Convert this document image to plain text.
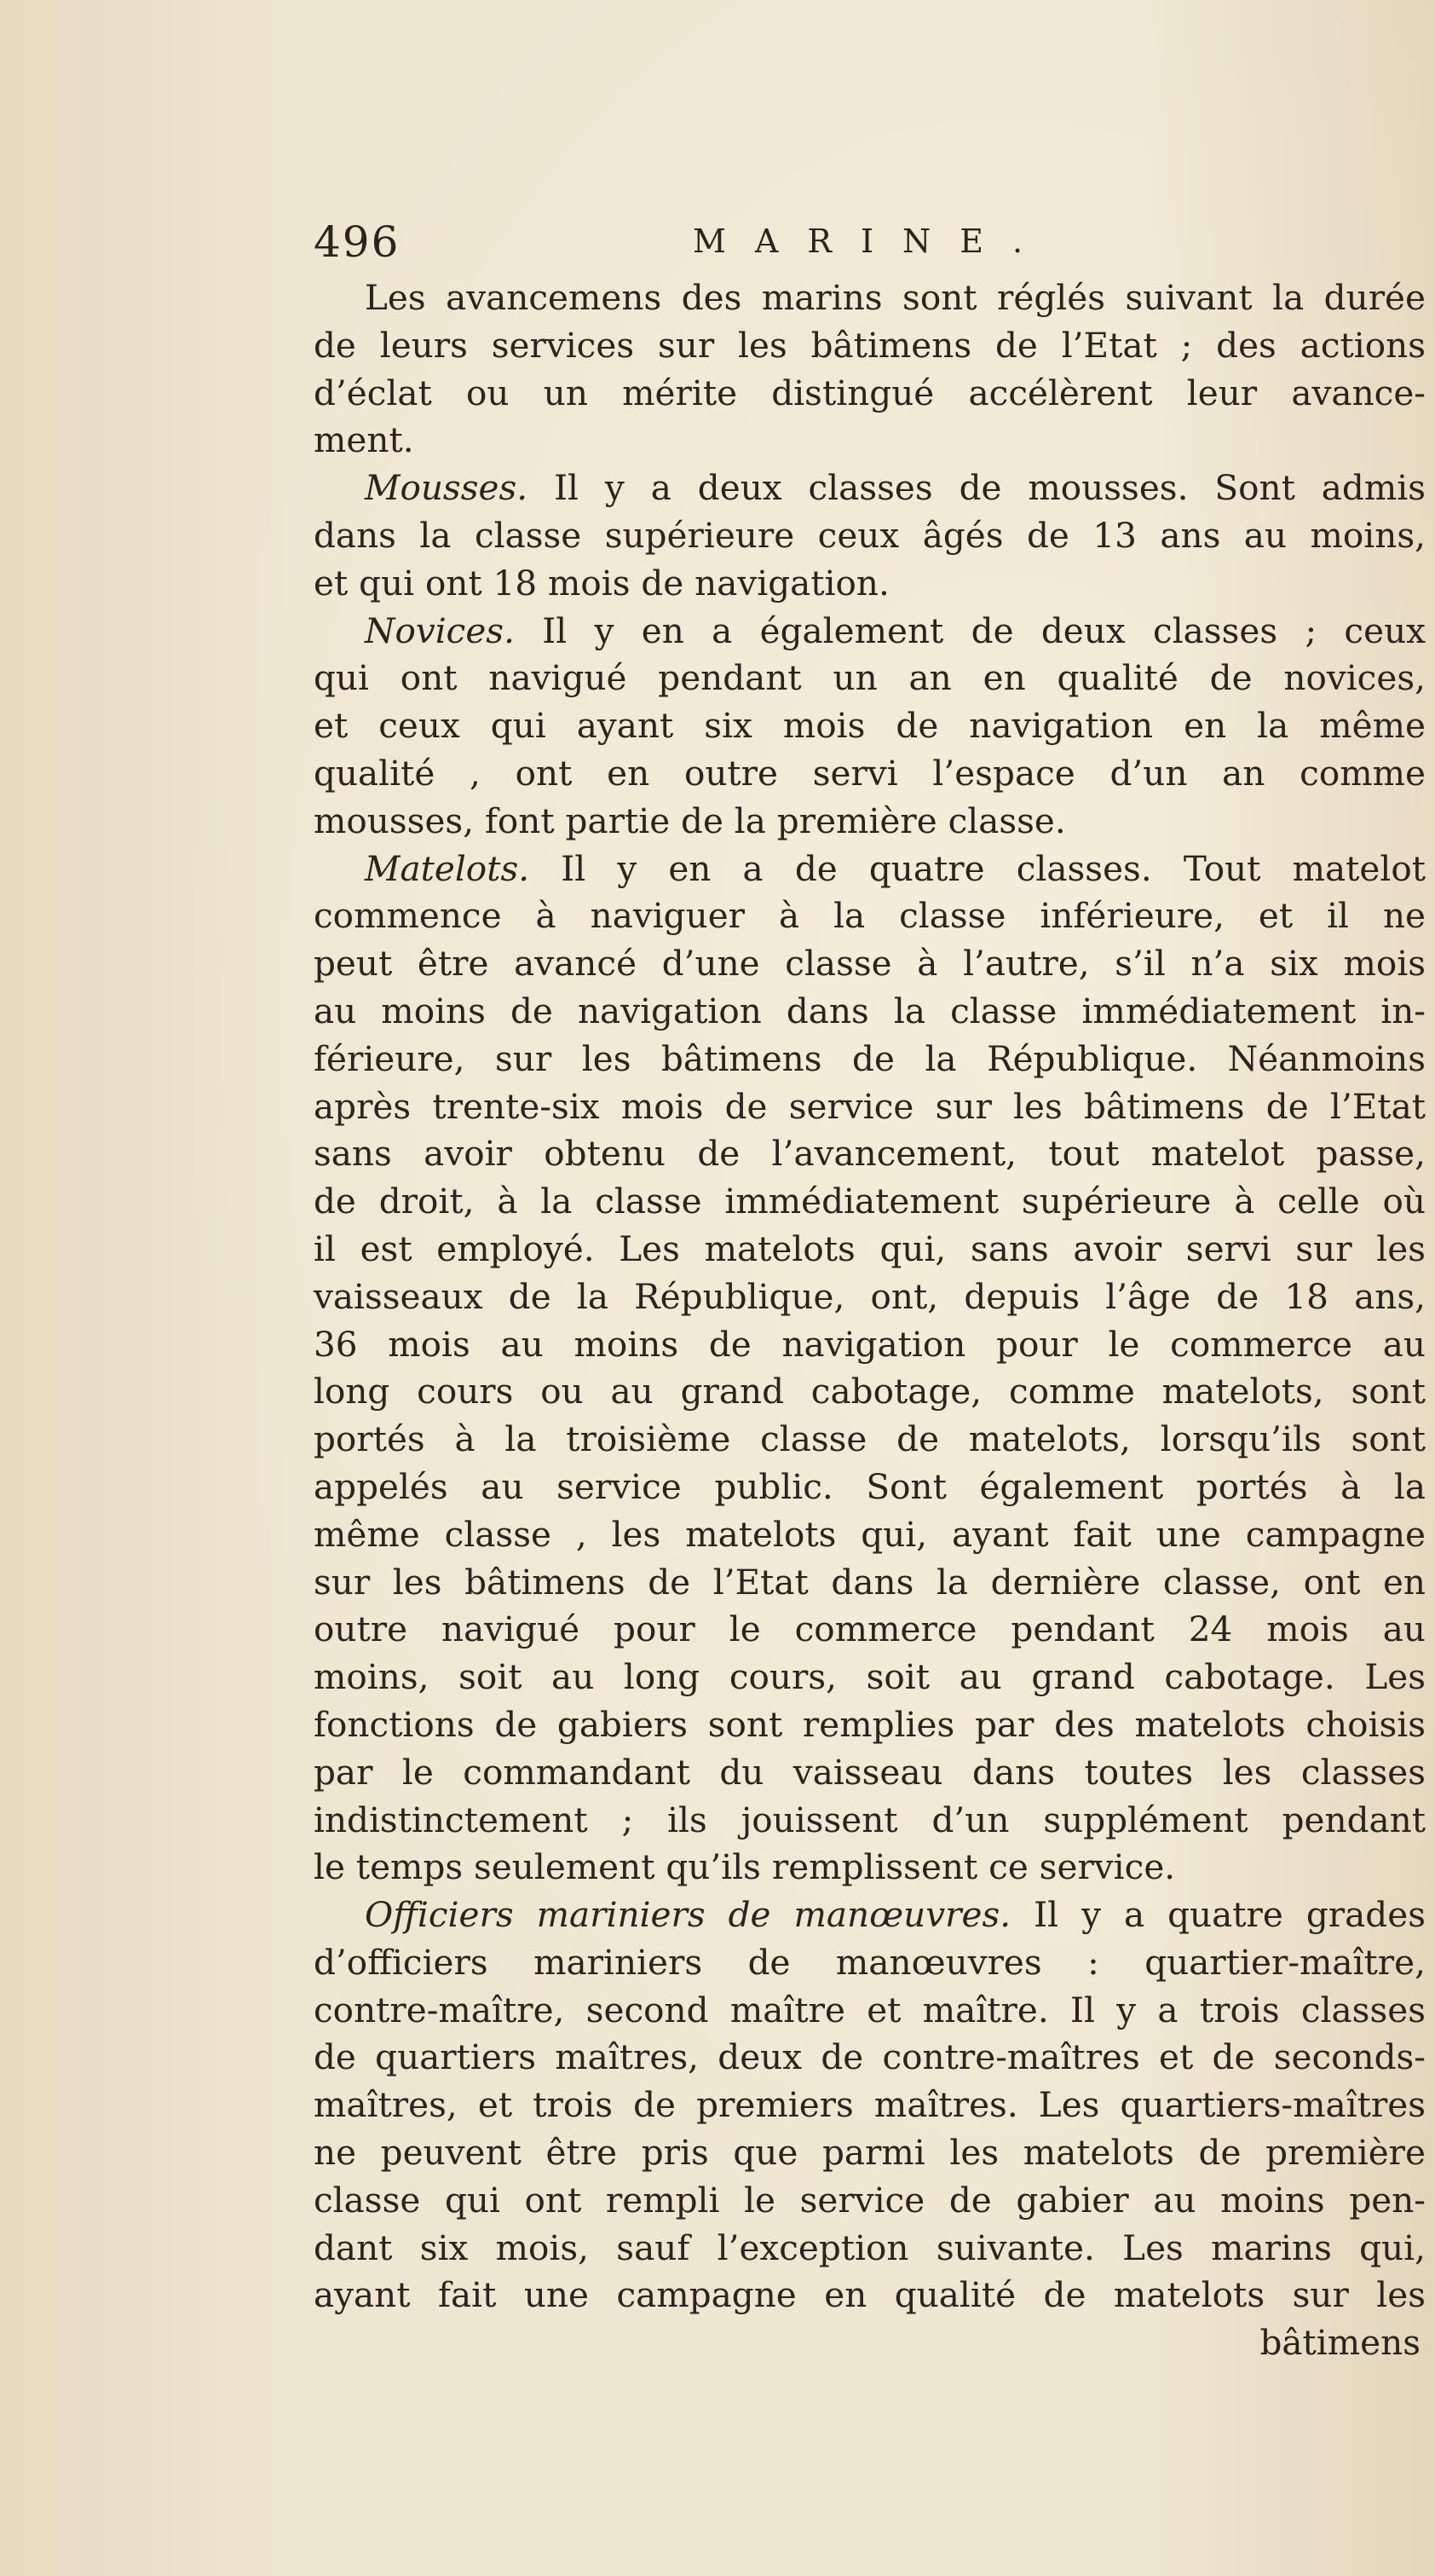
496	MARINE.
Les avancemens des marins sont réglés suivant la durée
de leurs services sur les bâtimens de l’Etat ; des actions
d’éclat ou un mérite distingué accélèrent leur avance-
ment.
Mousses. Il y a deux classes de mousses. Sont admis
dans la classe supérieure ceux âgés de 13 ans au moins,
et qui ont 18 mois de navigation.
Novices. Il y en a également de deux classes ; ceux
qui ont navigué pendant un an en qualité de novices,
et ceux qui ayant six mois de navigation en la même
qualité , ont en outre servi l’espace d’un an comme
mousses, font partie de la première classe.
Matelots. Il y en a de quatre classes. Tout matelot
commence à naviguer à la classe inférieure, et il ne
peut être avancé d’une classe à l’autre, s’il n’a six mois
au moins de navigation dans la classe immédiatement in-
férieure, sur les bâtimens de la République. Néanmoins
après trente-six mois de service sur les bâtimens de l’Etat
sans avoir obtenu de l’avancement, tout matelot passe,
de droit, à la classe immédiatement supérieure à celle où
il est employé. Les matelots qui, sans avoir servi sur les
vaisseaux de la République, ont, depuis l’âge de 18 ans,
36 mois au moins de navigation pour le commerce au
long cours ou au grand cabotage, comme matelots, sont
portés à la troisième classe de matelots, lorsqu’ils sont
appelés au service public. Sont également portés à la
même classe , les matelots qui, ayant fait une campagne
sur les bâtimens de l’Etat dans la dernière classe, ont en
outre navigué pour le commerce pendant 24 mois au
moins, soit au long cours, soit au grand cabotage. Les
fonctions de gabiers sont remplies par des matelots choisis
par le commandant du vaisseau dans toutes les classes
indistinctement ; ils jouissent d’un supplément pendant
le temps seulement qu’ils remplissent ce service.
Officiers mariniers de manœuvres. Il y a quatre grades
d’officiers mariniers de manœuvres : quartier-maître,
contre-maître, second maître et maître. Il y a trois classes
de quartiers maîtres, deux de contre-maîtres et de seconds-
maîtres, et trois de premiers maîtres. Les quartiers-maîtres
ne peuvent être pris que parmi les matelots de première
classe qui ont rempli le service de gabier au moins pen-
dant six mois, sauf l’exception suivante. Les marins qui,
ayant fait une campagne en qualité de matelots sur les
bâtimens
